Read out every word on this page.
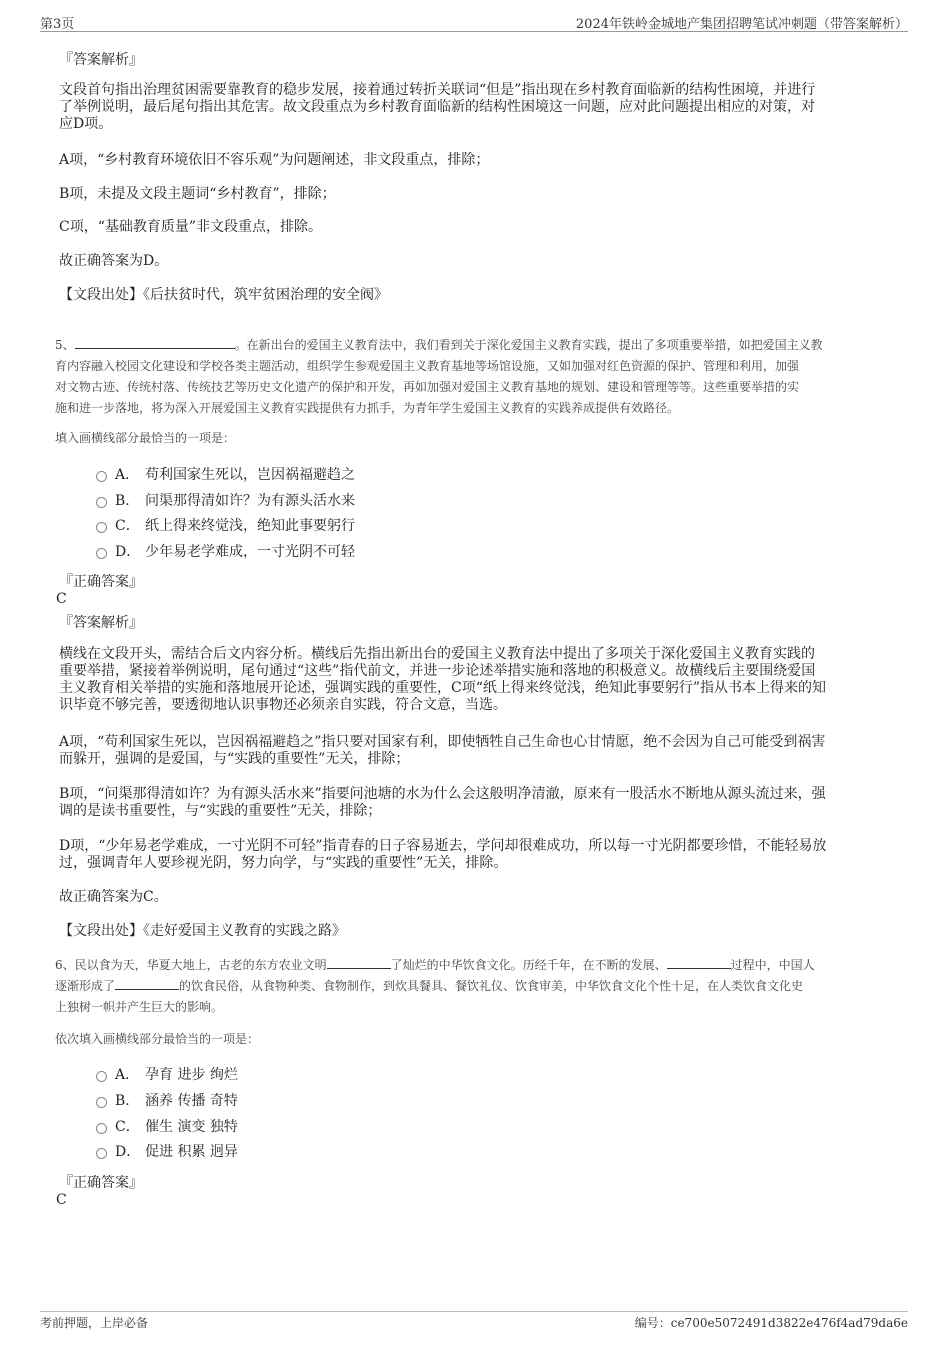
第3页	2024年铁岭金城地产集团招聘笔试冲刺题（带答案解析）
『答案解析』
文段首句指出治理贫困需要靠教育的稳步发展，接着通过转折关联词“但是”指出现在乡村教育面临新的结构性困境，并进行
了举例说明，最后尾句指出其危害。故文段重点为乡村教育面临新的结构性困境这一问题，应对此问题提出相应的对策，对
应D项。
A项，“乡村教育环境依旧不容乐观”为问题阐述，非文段重点，排除；
B项，未提及文段主题词“乡村教育”，排除；
C项，“基础教育质量”非文段重点，排除。
故正确答案为D。
【文段出处】《后扶贫时代，筑牢贫困治理的安全阀》
5、	。在新出台的爱国主义教育法中，我们看到关于深化爱国主义教育实践，提出了多项重要举措，如把爱国主义教
育内容融入校园文化建设和学校各类主题活动，组织学生参观爱国主义教育基地等场馆设施，又如加强对红色资源的保护、管理和利用，加强
对文物古迹、传统村落、传统技艺等历史文化遗产的保护和开发，再如加强对爱国主义教育基地的规划、建设和管理等等。这些重要举措的实
施和进一步落地，将为深入开展爱国主义教育实践提供有力抓手，为青年学生爱国主义教育的实践养成提供有效路径。
填入画横线部分最恰当的一项是：
A． 苟利国家生死以，岂因祸福避趋之
B． 问渠那得清如许？为有源头活水来
C． 纸上得来终觉浅，绝知此事要躬行
D． 少年易老学难成，一寸光阴不可轻
『正确答案』
C
『答案解析』
横线在文段开头，需结合后文内容分析。横线后先指出新出台的爱国主义教育法中提出了多项关于深化爱国主义教育实践的
重要举措，紧接着举例说明，尾句通过“这些”指代前文，并进一步论述举措实施和落地的积极意义。故横线后主要围绕爱国
主义教育相关举措的实施和落地展开论述，强调实践的重要性，C项“纸上得来终觉浅，绝知此事要躬行”指从书本上得来的知
识毕竟不够完善，要透彻地认识事物还必须亲自实践，符合文意，当选。
A项，“苟利国家生死以，岂因祸福避趋之”指只要对国家有利，即使牺牲自己生命也心甘情愿，绝不会因为自己可能受到祸害
而躲开，强调的是爱国，与“实践的重要性”无关，排除；
B项，“问渠那得清如许？为有源头活水来”指要问池塘的水为什么会这般明净清澈，原来有一股活水不断地从源头流过来，强
调的是读书重要性，与“实践的重要性”无关，排除；
D项，“少年易老学难成，一寸光阴不可轻”指青春的日子容易逝去，学问却很难成功，所以每一寸光阴都要珍惜，不能轻易放
过，强调青年人要珍视光阴，努力向学，与“实践的重要性”无关，排除。
故正确答案为C。
【文段出处】《走好爱国主义教育的实践之路》
6、民以食为天，华夏大地上，古老的东方农业文明	了灿烂的中华饮食文化。历经千年，在不断的发展、	过程中，中国人
逐渐形成了	的饮食民俗，从食物种类、食物制作，到炊具餐具、餐饮礼仪、饮食审美，中华饮食文化个性十足，在人类饮食文化史
上独树一帜并产生巨大的影响。
依次填入画横线部分最恰当的一项是：
A． 孕育 进步 绚烂
B． 涵养 传播 奇特
C． 催生 演变 独特
D． 促进 积累 迥异
『正确答案』
C
考前押题，上岸必备	编号：ce700e5072491d3822e476f4ad79da6e
